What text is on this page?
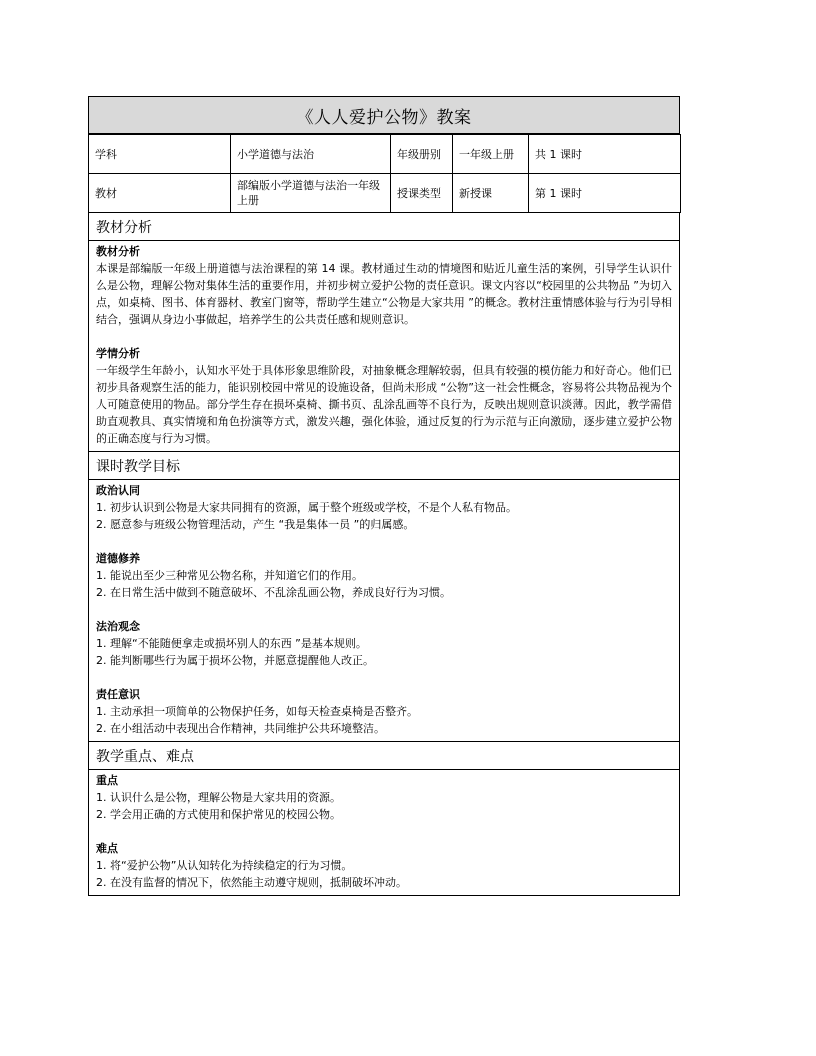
《人人爱护公物》教案
学科	小学道德与法治	年级册别	一年级上册	共 1 课时
教材	部编版小学道德与法治一年级上册	授课类型	新授课	第 1 课时
教材分析
教材分析

本课是部编版一年级上册道德与法治课程的第 14 课。教材通过生动的情境图和贴近儿童生活的案例，引导学生认识什么是公物，理解公物对集体生活的重要作用，并初步树立爱护公物的责任意识。课文内容以“校园里的公共物品 ”为切入点，如桌椅、图书、体育器材、教室门窗等，帮助学生建立“公物是大家共用 ”的概念。教材注重情感体验与行为引导相结合，强调从身边小事做起，培养学生的公共责任感和规则意识。

学情分析

一年级学生年龄小，认知水平处于具体形象思维阶段，对抽象概念理解较弱，但具有较强的模仿能力和好奇心。他们已初步具备观察生活的能力，能识别校园中常见的设施设备，但尚未形成 “公物”这一社会性概念，容易将公共物品视为个人可随意使用的物品。部分学生存在损坏桌椅、撕书页、乱涂乱画等不良行为，反映出规则意识淡薄。因此，教学需借助直观教具、真实情境和角色扮演等方式，激发兴趣，强化体验，通过反复的行为示范与正向激励，逐步建立爱护公物的正确态度与行为习惯。

课时教学目标
政治认同
1. 初步认识到公物是大家共同拥有的资源，属于整个班级或学校，不是个人私有物品。
2. 愿意参与班级公物管理活动，产生 “我是集体一员 ”的归属感。
道德修养
1. 能说出至少三种常见公物名称，并知道它们的作用。
2. 在日常生活中做到不随意破坏、不乱涂乱画公物，养成良好行为习惯。
法治观念
1. 理解“不能随便拿走或损坏别人的东西 ”是基本规则。
2. 能判断哪些行为属于损坏公物，并愿意提醒他人改正。
责任意识
1. 主动承担一项简单的公物保护任务，如每天检查桌椅是否整齐。
2. 在小组活动中表现出合作精神，共同维护公共环境整洁。
教学重点、难点
重点
1. 认识什么是公物，理解公物是大家共用的资源。
2. 学会用正确的方式使用和保护常见的校园公物。
难点
1. 将“爱护公物”从认知转化为持续稳定的行为习惯。
2. 在没有监督的情况下，依然能主动遵守规则，抵制破坏冲动。
